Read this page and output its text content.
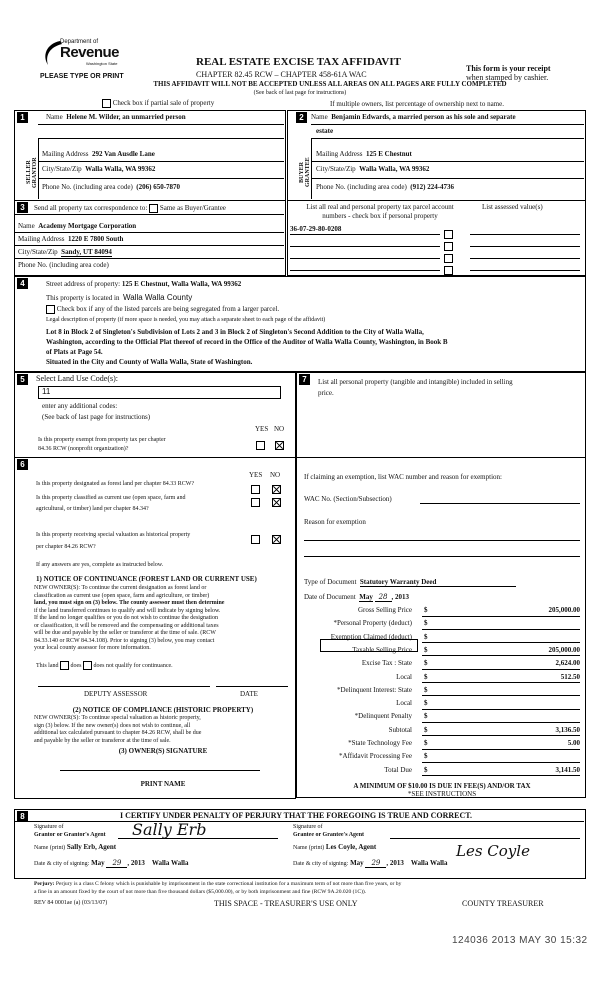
Department of
Revenue
Washington State
PLEASE TYPE OR PRINT
REAL ESTATE EXCISE TAX AFFIDAVIT
CHAPTER 82.45 RCW – CHAPTER 458-61A WAC
THIS AFFIDAVIT WILL NOT BE ACCEPTED UNLESS ALL AREAS ON ALL PAGES ARE FULLY COMPLETED
(See back of last page for instructions)
This form is your receipt
when stamped by cashier.
Check box if partial sale of property	If multiple owners, list percentage of ownership next to name.
1	2
SELLER GRANTOR	BUYER GRANTEE
Name Helene M. Wilder, an unmarried person
Mailing Address 292 Van Ausdle Lane
City/State/Zip Walla Walla, WA 99362
Phone No. (including area code) (206) 650-7870
Name Benjamin Edwards, a married person as his sole and separate
estate
Mailing Address 125 E Chestnut
City/State/Zip Walla Walla, WA 99362
Phone No. (including area code) (912) 224-4736
3	Send all property tax correspondence to: Same as Buyer/Grantee
Name Academy Mortgage Corporation
Mailing Address 1220 E 7800 South
City/State/Zip Sandy, UT 84094
Phone No. (including area code)
List all real and personal property tax parcel account
numbers - check box if personal property
List assessed value(s)
36-07-29-80-0208
4	Street address of property: 125 E Chestnut, Walla Walla, WA 99362
This property is located in Walla Walla County
Check box if any of the listed parcels are being segregated from a larger parcel.
Legal description of property (if more space is needed, you may attach a separate sheet to each page of the affidavit)
Lot 8 in Block 2 of Singleton's Subdivision of Lots 2 and 3 in Block 2 of Singleton's Second Addition to the City of Walla Walla,
Washington, according to the Official Plat thereof of record in the Office of the Auditor of Walla Walla County, Washington, in Book B
of Plats at Page 54.
Situated in the City and County of Walla Walla, State of Washington.
5	7
Select Land Use Code(s):
11
enter any additional codes:
(See back of last page for instructions)
YES NO
Is this property exempt from property tax per chapter
84.36 RCW (nonprofit organization)?
List all personal property (tangible and intangible) included in selling
price.
6
YES NO
Is this property designated as forest land per chapter 84.33 RCW?
Is this property classified as current use (open space, farm and
agricultural, or timber) land per chapter 84.34?
Is this property receiving special valuation as historical property
per chapter 84.26 RCW?
If any answers are yes, complete as instructed below.
1) NOTICE OF CONTINUANCE (FOREST LAND OR CURRENT USE)
NEW OWNER(S): To continue the current designation as forest land or
classification as current use (open space, farm and agriculture, or timber)
land, you must sign on (3) below. The county assessor must then determine
if the land transferred continues to qualify and will indicate by signing below.
If the land no longer qualifies or you do not wish to continue the designation
or classification, it will be removed and the compensating or additional taxes
will be due and payable by the seller or transferor at the time of sale. (RCW
84.33.140 or RCW 84.34.108). Prior to signing (3) below, you may contact
your local county assessor for more information.
This land does does not qualify for continuance.
DEPUTY ASSESSOR	DATE
(2) NOTICE OF COMPLIANCE (HISTORIC PROPERTY)
NEW OWNER(S): To continue special valuation as historic property,
sign (3) below. If the new owner(s) does not wish to continue, all
additional tax calculated pursuant to chapter 84.26 RCW, shall be due
and payable by the seller or transferor at the time of sale.
(3) OWNER(S) SIGNATURE
PRINT NAME
If claiming an exemption, list WAC number and reason for exemption:
WAC No. (Section/Subsection)
Reason for exemption
Type of Document Statutory Warranty Deed
Date of Document May 28 , 2013
Gross Selling Price $	205,000.00
*Personal Property (deduct) $
Exemption Claimed (deduct) $
Taxable Selling Price $	205,000.00
Excise Tax : State $	2,624.00
Local $	512.50
*Delinquent Interest: State $
Local $
*Delinquent Penalty $
Subtotal $	3,136.50
*State Technology Fee $	5.00
*Affidavit Processing Fee $
Total Due $	3,141.50
A MINIMUM OF $10.00 IS DUE IN FEE(S) AND/OR TAX
*SEE INSTRUCTIONS
8	I CERTIFY UNDER PENALTY OF PERJURY THAT THE FOREGOING IS TRUE AND CORRECT.
Signature of
Grantor or Grantor's Agent Sally Erb
Name (print) Sally Erb, Agent
Date & city of signing: May 29 , 2013 Walla Walla
Signature of
Grantee or Grantee's Agent
Name (print) Les Coyle, Agent	Les Coyle
Date & city of signing: May 29 , 2013 Walla Walla
Perjury: Perjury is a class C felony which is punishable by imprisonment in the state correctional institution for a maximum term of not more than five years, or by
a fine in an amount fixed by the court of not more than five thousand dollars ($5,000.00), or by both imprisonment and fine (RCW 9A.20.020 (1C)).
REV 84 0001ae (a) (03/13/07)	THIS SPACE - TREASURER'S USE ONLY	COUNTY TREASURER
124036 2013 MAY 30 15:32
